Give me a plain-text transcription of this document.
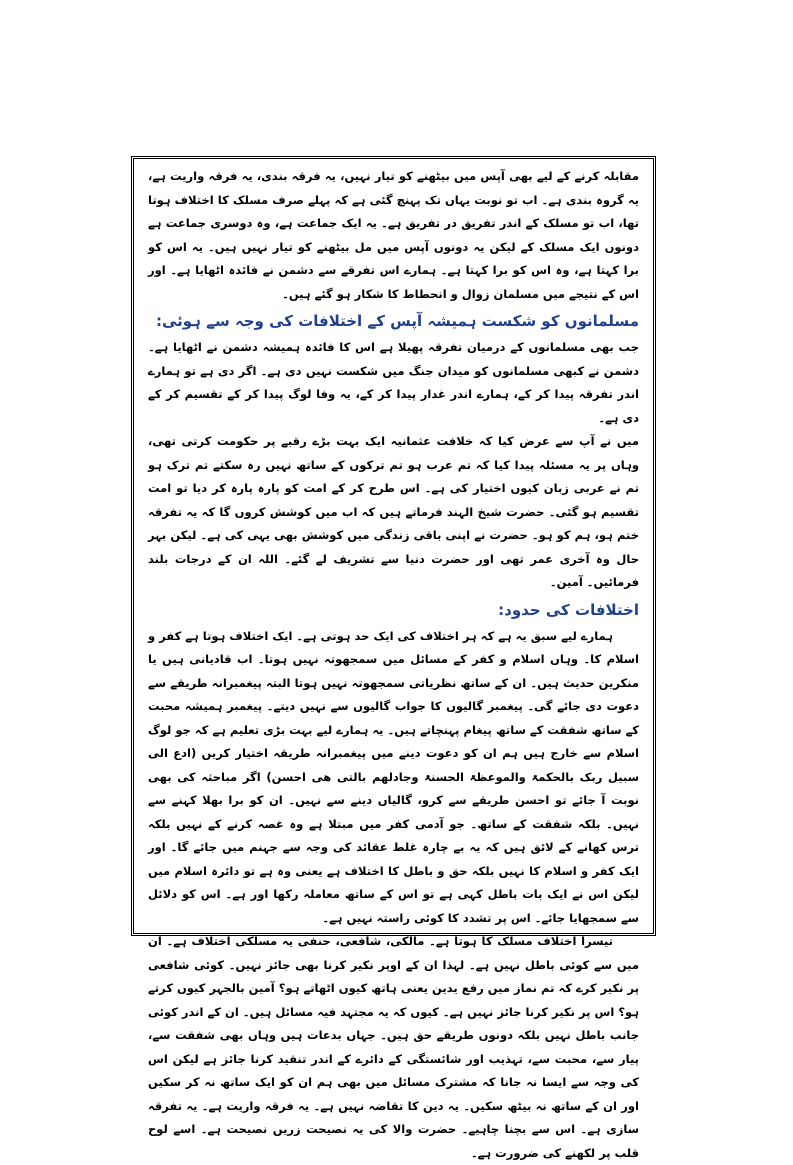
مقابلہ کرنے کے لیے بھی آپس میں بیٹھنے کو تیار نہیں، یہ فرقہ بندی، یہ فرقہ واریت ہے، یہ گروہ بندی ہے۔ اب تو نوبت یہاں تک پہنچ گئی ہے کہ پہلے صرف مسلک کا اختلاف ہوتا تھا، اب تو مسلک کے اندر تفریق در تفریق ہے۔ یہ ایک جماعت ہے، وہ دوسری جماعت ہے دونوں ایک مسلک کے لیکن یہ دونوں آپس میں مل بیٹھنے کو تیار نہیں ہیں۔ یہ اس کو برا کہتا ہے، وہ اس کو برا کہتا ہے۔ ہمارے اس تفرقے سے دشمن نے فائدہ اٹھایا ہے۔ اور اس کے نتیجے میں مسلمان زوال و انحطاط کا شکار ہو گئے ہیں۔

مسلمانوں کو شکست ہمیشہ آپس کے اختلافات کی وجہ سے ہوئی:

جب بھی مسلمانوں کے درمیان تفرقہ پھیلا ہے اس کا فائدہ ہمیشہ دشمن نے اٹھایا ہے۔ دشمن نے کبھی مسلمانوں کو میدان جنگ میں شکست نہیں دی ہے۔ اگر دی ہے تو ہمارے اندر تفرقہ پیدا کر کے، ہمارے اندر غدار پیدا کر کے، یہ وفا لوگ پیدا کر کے تقسیم کر کے دی ہے۔

میں نے آپ سے عرض کیا کہ خلافت عثمانیہ ایک بہت بڑے رقبے پر حکومت کرتی تھی، وہاں پر یہ مسئلہ پیدا کیا کہ تم عرب ہو تم ترکوں کے ساتھ نہیں رہ سکتے تم ترک ہو تم نے عربی زبان کیوں اختیار کی ہے۔ اس طرح کر کے امت کو پارہ پارہ کر دیا تو امت تقسیم ہو گئی۔ حضرت شیخ الہند فرماتے ہیں کہ اب میں کوشش کروں گا کہ یہ تفرقہ ختم ہو، ہم کو ہو۔ حضرت نے اپنی باقی زندگی میں کوشش بھی یہی کی ہے۔ لیکن بہر حال وہ آخری عمر تھی اور حضرت دنیا سے تشریف لے گئے۔ اللہ ان کے درجات بلند فرمائیں۔ آمین۔

اختلافات کی حدود:

ہمارے لیے سبق یہ ہے کہ ہر اختلاف کی ایک حد ہوتی ہے۔ ایک اختلاف ہوتا ہے کفر و اسلام کا۔ وہاں اسلام و کفر کے مسائل میں سمجھوتہ نہیں ہوتا۔ اب قادیانی ہیں یا منکرین حدیث ہیں۔ ان کے ساتھ نظریاتی سمجھوتہ نہیں ہوتا البتہ پیغمبرانہ طریقے سے دعوت دی جائے گی۔ پیغمبر گالیوں کا جواب گالیوں سے نہیں دیتے۔ پیغمبر ہمیشہ محبت کے ساتھ شفقت کے ساتھ پیغام پہنچاتے ہیں۔ یہ ہمارے لیے بہت بڑی تعلیم ہے کہ جو لوگ اسلام سے خارج ہیں ہم ان کو دعوت دینے میں پیغمبرانہ طریقہ اختیار کریں (ادع الی سبیل ربک بالحکمۃ والموعظۃ الحسنۃ وجادلھم بالتی ھی احسن) اگر مباحثہ کی بھی نوبت آ جائے تو احسن طریقے سے کرو، گالیاں دینے سے نہیں۔ ان کو برا بھلا کہنے سے نہیں۔ بلکہ شفقت کے ساتھ۔ جو آدمی کفر میں مبتلا ہے وہ غصہ کرنے کے نہیں بلکہ ترس کھانے کے لائق ہیں کہ یہ بے چارہ غلط عقائد کی وجہ سے جہنم میں جائے گا۔ اور ایک کفر و اسلام کا نہیں بلکہ حق و باطل کا اختلاف ہے یعنی وہ ہے تو دائرہ اسلام میں لیکن اس نے ایک بات باطل کہی ہے تو اس کے ساتھ معاملہ رکھا اور ہے۔ اس کو دلائل سے سمجھایا جائے۔ اس پر تشدد کا کوئی راستہ نہیں ہے۔

تیسرا اختلاف مسلک کا ہوتا ہے۔ مالکی، شافعی، حنفی یہ مسلکی اختلاف ہے۔ ان میں سے کوئی باطل نہیں ہے۔ لہذا ان کے اوپر نکیر کرنا بھی جائز نہیں۔ کوئی شافعی پر نکیر کرے کہ تم نماز میں رفع یدین یعنی ہاتھ کیوں اٹھاتے ہو؟ آمین بالجہر کیوں کرتے ہو؟ اس پر نکیر کرنا جائز نہیں ہے۔ کیوں کہ یہ مجتہد فیہ مسائل ہیں۔ ان کے اندر کوئی جانب باطل نہیں بلکہ دونوں طریقے حق ہیں۔ جہاں بدعات ہیں وہاں بھی شفقت سے، پیار سے، محبت سے، تہذیب اور شائستگی کے دائرے کے اندر تنقید کرنا جائز ہے لیکن اس کی وجہ سے ایسا نہ جانا کہ مشترک مسائل میں بھی ہم ان کو ایک ساتھ نہ کر سکیں اور ان کے ساتھ نہ بیٹھ سکیں۔ یہ دین کا تقاضہ نہیں ہے۔ یہ فرقہ واریت ہے۔ یہ تفرقہ سازی ہے۔ اس سے بچنا چاہیے۔ حضرت والا کی یہ نصیحت زریں نصیحت ہے۔ اسے لوح قلب پر لکھنے کی ضرورت ہے۔
